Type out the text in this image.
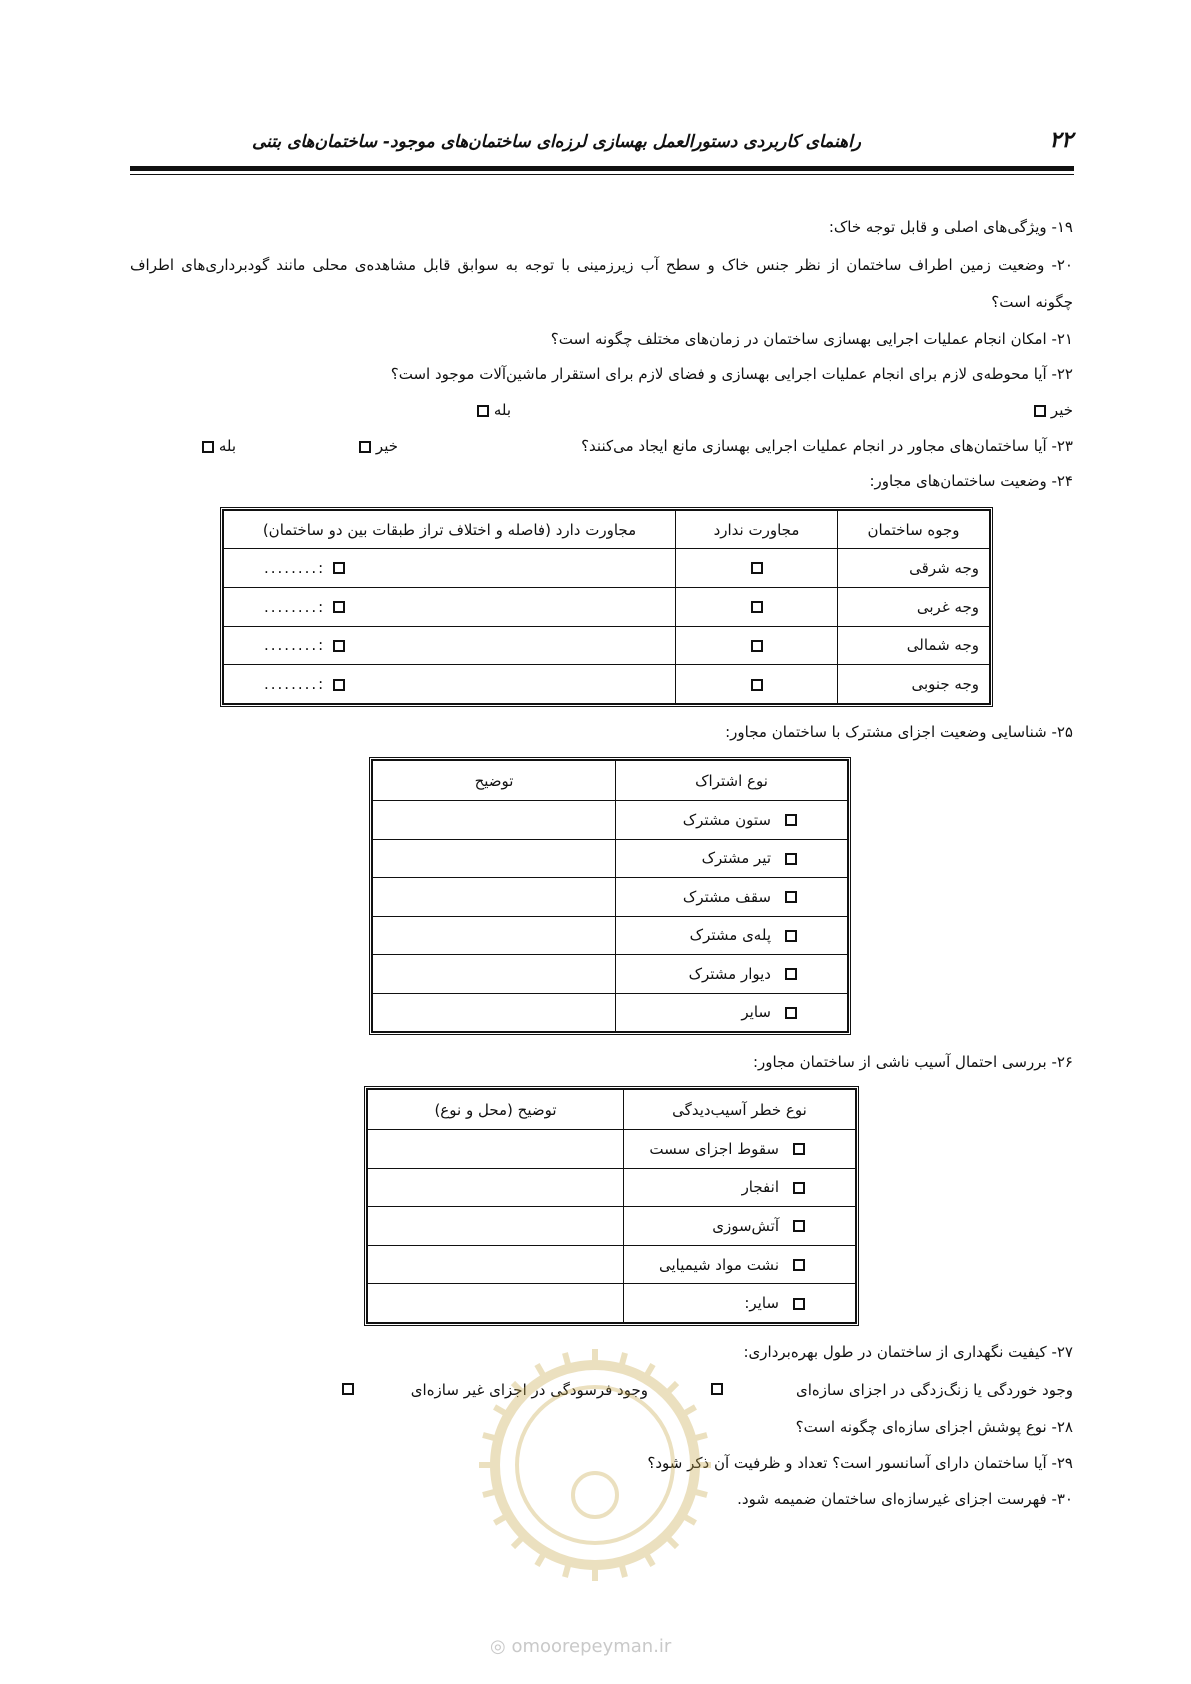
۲۲
راهنمای کاربردی دستورالعمل بهسازی لرزه‌ای ساختمان‌های موجود- ساختمان‌های بتنی
۱۹- ویژگی‌های اصلی و قابل توجه خاک:
۲۰- وضعیت زمین اطراف ساختمان از نظر جنس خاک و سطح آب زیرزمینی با توجه به سوابق قابل مشاهده‌ی محلی مانند گودبرداری‌های اطراف
چگونه است؟
۲۱- امکان انجام عملیات اجرایی بهسازی ساختمان در زمان‌های مختلف چگونه است؟
۲۲- آیا محوطه‌ی لازم برای انجام عملیات اجرایی بهسازی و فضای لازم برای استقرار ماشین‌آلات موجود است؟
خیر
بله
۲۳- آیا ساختمان‌های مجاور در انجام عملیات اجرایی بهسازی مانع ایجاد می‌کنند؟
خیر
بله
۲۴- وضعیت ساختمان‌های مجاور:
وجوه ساختمان	مجاورت ندارد	مجاورت دارد (فاصله و اختلاف تراز طبقات بین دو ساختمان)
وجه شرقی		:........
وجه غربی		:........
وجه شمالی		:........
وجه جنوبی		:........
۲۵- شناسایی وضعیت اجزای مشترک با ساختمان مجاور:
نوع اشتراک	توضیح
ستون مشترک	
تیر مشترک	
سقف مشترک	
پله‌ی مشترک	
دیوار مشترک	
سایر	
۲۶- بررسی احتمال آسیب ناشی از ساختمان مجاور:
نوع خطر آسیب‌دیدگی	توضیح (محل و نوع)
سقوط اجزای سست	
انفجار	
آتش‌سوزی	
نشت مواد شیمیایی	
سایر:	
۲۷- کیفیت نگهداری از ساختمان در طول بهره‌برداری:
وجود خوردگی یا زنگ‌زدگی در اجزای سازه‌ای
وجود فرسودگی در اجزای غیر سازه‌ای
۲۸- نوع پوشش اجزای سازه‌ای چگونه است؟
۲۹- آیا ساختمان دارای آسانسور است؟ تعداد و ظرفیت آن ذکر شود؟
۳۰- فهرست اجزای غیرسازه‌ای ساختمان ضمیمه شود.
◎ omoorepeyman.ir
